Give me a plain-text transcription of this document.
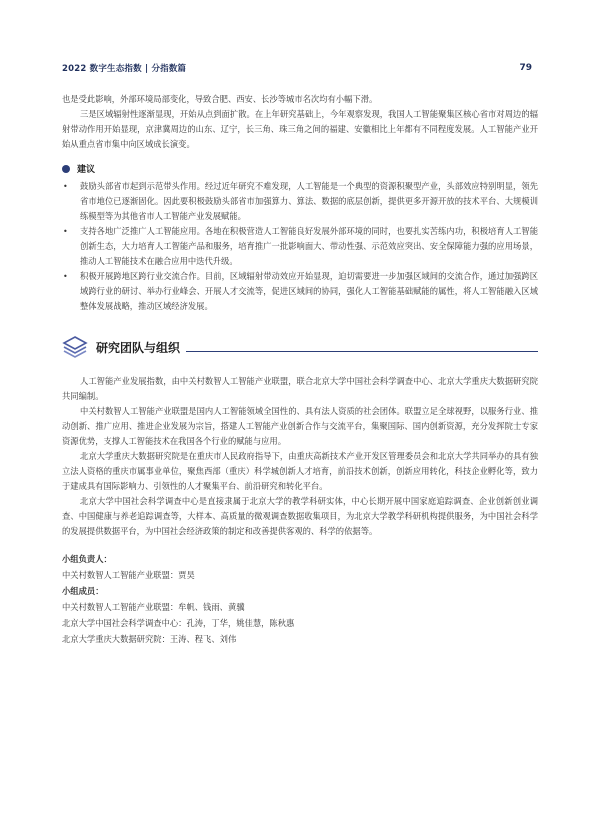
2022 数字生态指数 | 分指数篇	79

也是受此影响，外部环境局部变化，导致合肥、西安、长沙等城市名次均有小幅下滑。

三是区域辐射性逐渐显现，开始从点到面扩散。在上年研究基础上，今年观察发现，我国人工智能聚集区核心省市对周边的辐射带动作用开始显现，京津冀周边的山东、辽宁，长三角、珠三角之间的福建、安徽相比上年都有不同程度发展。人工智能产业开始从重点省市集中向区域成长演变。

建议
• 鼓励头部省市起到示范带头作用。经过近年研究不难发现，人工智能是一个典型的资源积聚型产业，头部效应特别明显，领先省市地位已逐渐固化。因此要积极鼓励头部省市加强算力、算法、数据的底层创新，提供更多开源开放的技术平台、大规模训练模型等为其他省市人工智能产业发展赋能。
• 支持各地广泛推广人工智能应用。各地在积极营造人工智能良好发展外部环境的同时，也要扎实苦练内功，积极培育人工智能创新生态，大力培育人工智能产品和服务，培育推广一批影响面大、带动性强、示范效应突出、安全保障能力强的应用场景，推动人工智能技术在融合应用中迭代升级。
• 积极开展跨地区跨行业交流合作。目前，区域辐射带动效应开始显现，迫切需要进一步加强区域间的交流合作，通过加强跨区域跨行业的研讨、举办行业峰会、开展人才交流等，促进区域间的协同，强化人工智能基础赋能的属性，将人工智能融入区域整体发展战略，推动区域经济发展。
研究团队与组织

人工智能产业发展指数，由中关村数智人工智能产业联盟，联合北京大学中国社会科学调查中心、北京大学重庆大数据研究院共同编制。

中关村数智人工智能产业联盟是国内人工智能领域全国性的、具有法人资质的社会团体。联盟立足全球视野，以服务行业、推动创新、推广应用、推进企业发展为宗旨，搭建人工智能产业创新合作与交流平台，集聚国际、国内创新资源，充分发挥院士专家资源优势，支撑人工智能技术在我国各个行业的赋能与应用。

北京大学重庆大数据研究院是在重庆市人民政府指导下，由重庆高新技术产业开发区管理委员会和北京大学共同举办的具有独立法人资格的重庆市属事业单位，聚焦西部（重庆）科学城创新人才培育，前沿技术创新，创新应用转化，科技企业孵化等，致力于建成具有国际影响力、引领性的人才聚集平台、前沿研究和转化平台。

北京大学中国社会科学调查中心是直接隶属于北京大学的教学科研实体，中心长期开展中国家庭追踪调查、企业创新创业调查、中国健康与养老追踪调查等，大样本、高质量的微观调查数据收集项目，为北京大学教学科研机构提供服务，为中国社会科学的发展提供数据平台，为中国社会经济政策的制定和改善提供客观的、科学的依据等。

小组负责人：

中关村数智人工智能产业联盟：贾昊

小组成员：

中关村数智人工智能产业联盟：牟帆、钱雨、黄骥

北京大学中国社会科学调查中心：孔涛，丁华，姚佳慧，陈秋惠

北京大学重庆大数据研究院：王涛、程飞、刘伟
